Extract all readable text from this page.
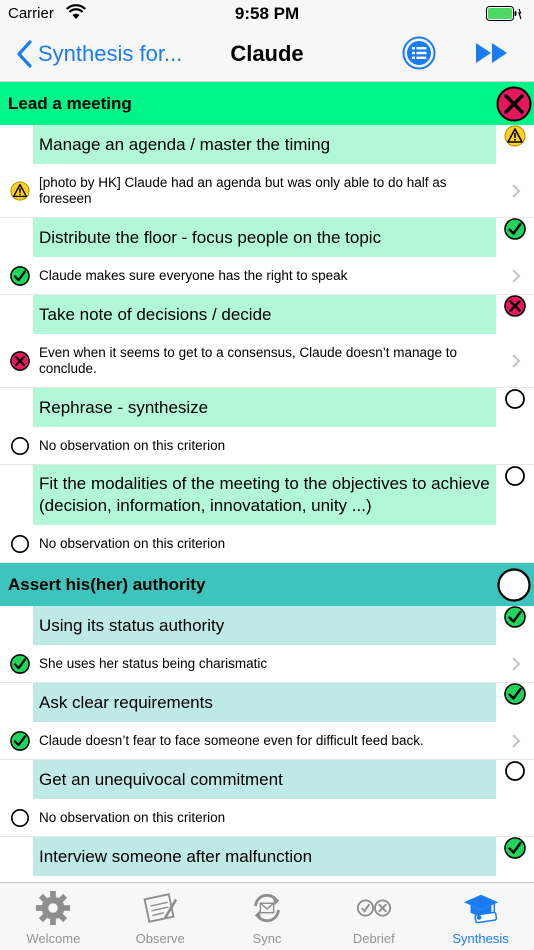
Carrier	9:58 PM
Synthesis for...	Claude
Lead a meeting
Manage an agenda / master the timing
[photo by HK] Claude had an agenda but was only able to do half as foreseen
Distribute the floor - focus people on the topic
Claude makes sure everyone has the right to speak
Take note of decisions / decide
Even when it seems to get to a consensus, Claude doesn’t manage to conclude.
Rephrase - synthesize
No observation on this criterion
Fit the modalities of the meeting to the objectives to achieve (decision, information, innovatation, unity ...)
No observation on this criterion
Assert his(her) authority
Using its status authority
She uses her status being charismatic
Ask clear requirements
Claude doesn’t fear to face someone even for difficult feed back.
Get an unequivocal commitment
No observation on this criterion
Interview someone after malfunction
Welcome	Observe	Sync	Debrief	Synthesis
